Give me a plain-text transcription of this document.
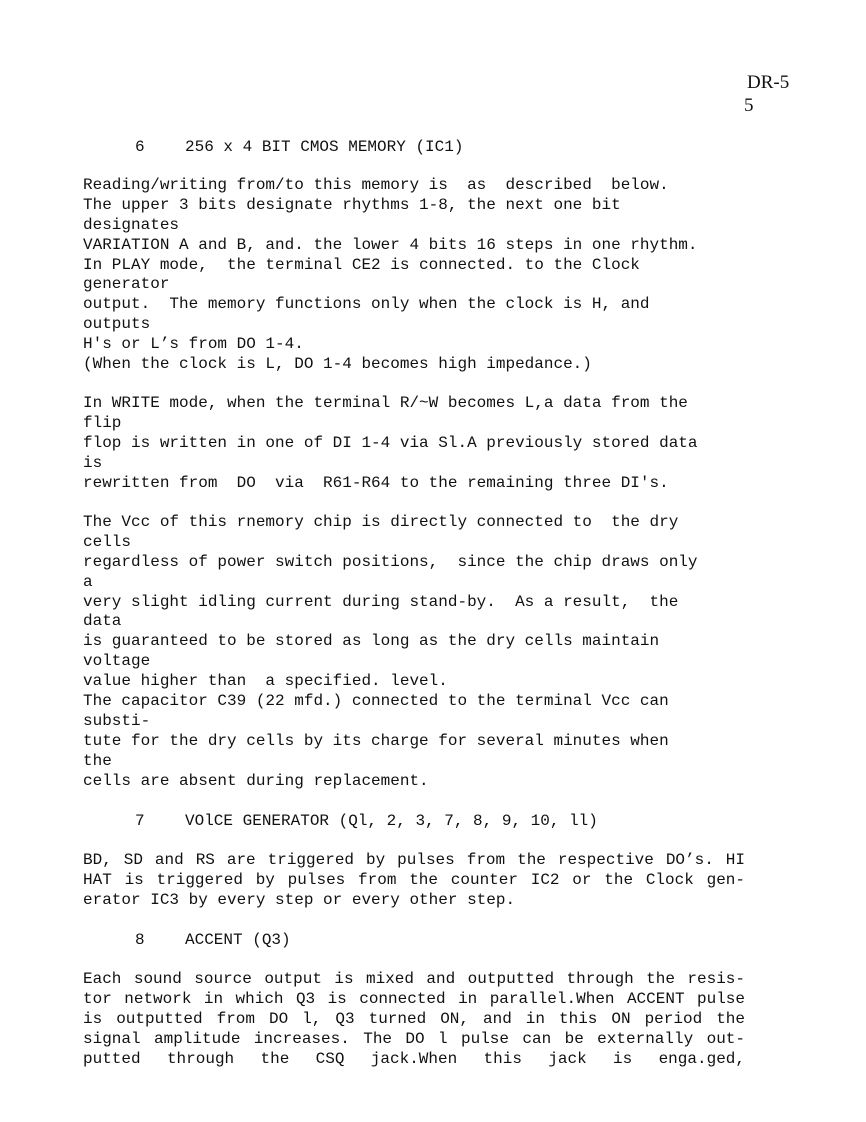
DR-5
5
6	256 x 4 BIT CMOS MEMORY (IC1)
Reading/writing from/to this memory is  as  described  below.
The upper 3 bits designate rhythms 1-8, the next one bit
designates
VARIATION A and B, and. the lower 4 bits 16 steps in one rhythm.
In PLAY mode,  the terminal CE2 is connected. to the Clock
generator
output.  The memory functions only when the clock is H, and
outputs
H's or L’s from DO 1-4.
(When the clock is L, DO 1-4 becomes high impedance.)
In WRITE mode, when the terminal R/~W becomes L,a data from the
flip
flop is written in one of DI 1-4 via Sl.A previously stored data
is
rewritten from  DO  via  R61-R64 to the remaining three DI's.
The Vcc of this rnemory chip is directly connected to  the dry
cells
regardless of power switch positions,  since the chip draws only
a
very slight idling current during stand-by.  As a result,  the
data
is guaranteed to be stored as long as the dry cells maintain
voltage
value higher than  a specified. level.
The capacitor C39 (22 mfd.) connected to the terminal Vcc can
substi-
tute for the dry cells by its charge for several minutes when
the
cells are absent during replacement.
7	VOlCE GENERATOR (Ql, 2, 3, 7, 8, 9, 10, ll)
BD, SD and RS are triggered by pulses from the respective DO’s. HI
HAT is triggered by pulses from the counter IC2 or the Clock gen-
erator IC3 by every step or every other step.
8	ACCENT (Q3)
Each sound source output is mixed and outputted through the resis-
tor network in which Q3 is connected in parallel.When ACCENT pulse
is outputted from DO l, Q3 turned ON, and in this ON period the
signal amplitude increases. The DO l pulse can be externally out-
putted through the CSQ jack.When this jack is enga.ged,
